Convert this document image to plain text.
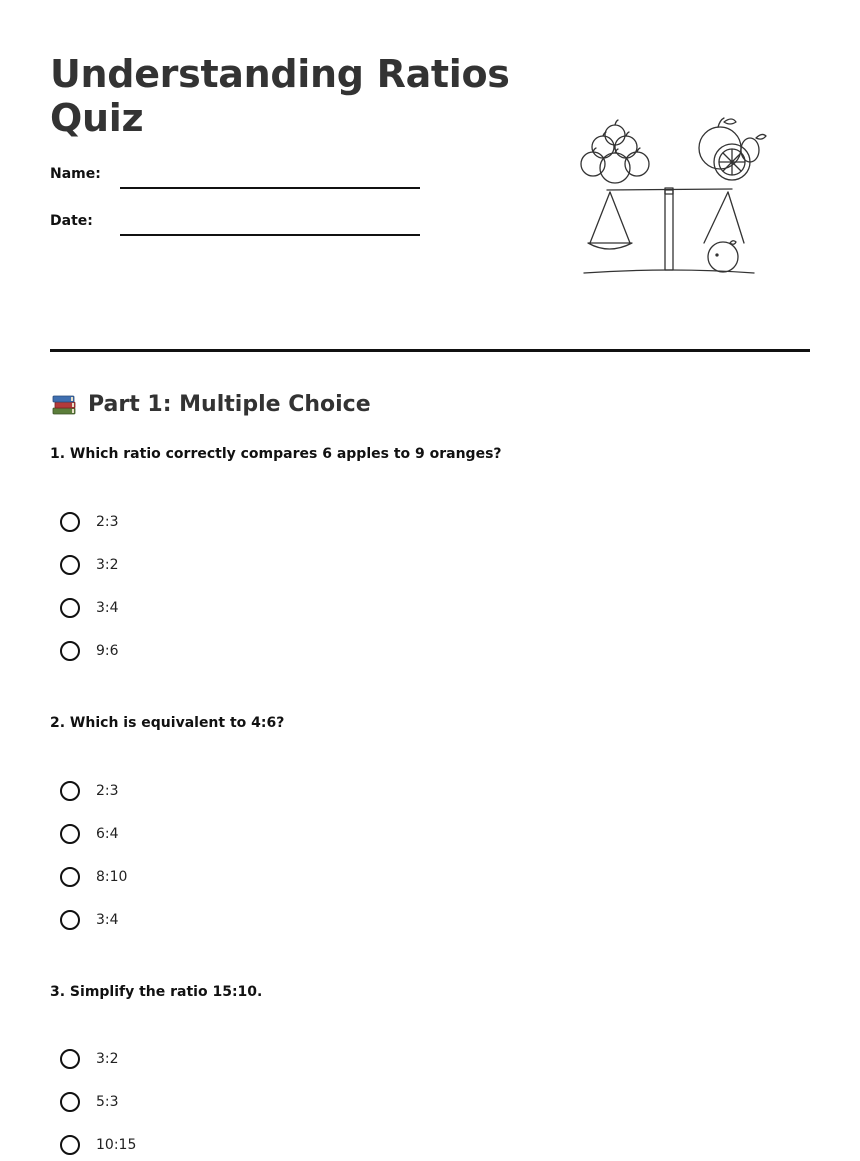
Understanding Ratios Quiz
Name:
Date:
Part 1: Multiple Choice
1. Which ratio correctly compares 6 apples to 9 oranges?
2:3
3:2
3:4
9:6
2. Which is equivalent to 4:6?
2:3
6:4
8:10
3:4
3. Simplify the ratio 15:10.
3:2
5:3
10:15
